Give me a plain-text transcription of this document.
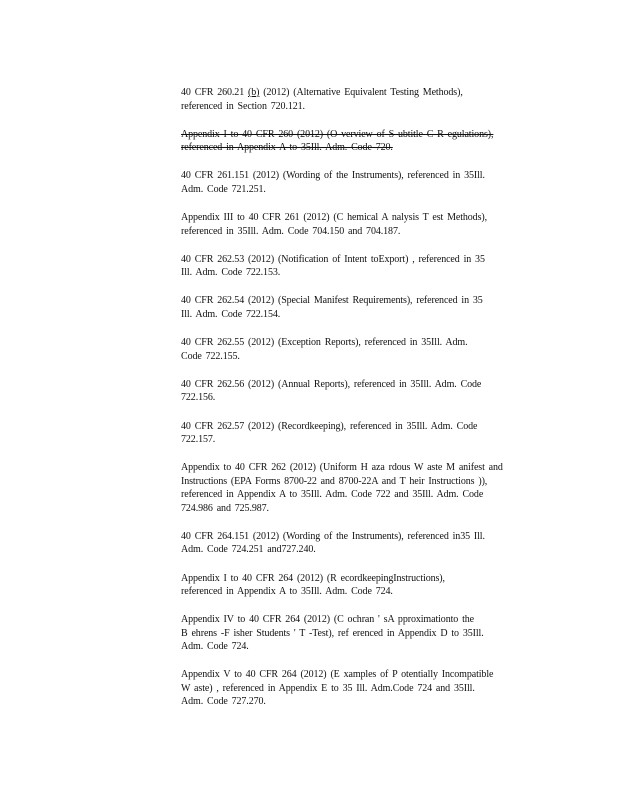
40 CFR 260.21 (b) (2012) (Alternative Equivalent Testing Methods),
referenced in Section 720.121.
Appendix I to 40 CFR 260 (2012) (O verview of S ubtitle C R egulations),
referenced in Appendix A to 35Ill. Adm. Code 720.
40 CFR 261.151 (2012) (Wording of the Instruments), referenced in 35Ill.
Adm. Code 721.251.
Appendix III to 40 CFR 261 (2012) (C hemical A nalysis T est Methods),
referenced in 35Ill. Adm. Code 704.150 and 704.187.
40 CFR 262.53 (2012) (Notification of Intent toExport) , referenced in 35
Ill. Adm. Code 722.153.
40 CFR 262.54 (2012) (Special Manifest Requirements), referenced in 35
Ill. Adm. Code 722.154.
40 CFR 262.55 (2012) (Exception Reports), referenced in 35Ill. Adm.
Code 722.155.
40 CFR 262.56 (2012) (Annual Reports), referenced in 35Ill. Adm. Code
722.156.
40 CFR 262.57 (2012) (Recordkeeping), referenced in 35Ill. Adm. Code
722.157.
Appendix to 40 CFR 262 (2012) (Uniform H aza rdous W aste M anifest and
Instructions (EPA Forms 8700-22 and 8700-22A and T heir Instructions )),
referenced in Appendix A to 35Ill. Adm. Code 722 and 35Ill. Adm. Code
724.986 and 725.987.
40 CFR 264.151 (2012) (Wording of the Instruments), referenced in35 Ill.
Adm. Code 724.251 and727.240.
Appendix I to 40 CFR 264 (2012) (R ecordkeepingInstructions),
referenced in Appendix A to 35Ill. Adm. Code 724.
Appendix IV to 40 CFR 264 (2012) (C ochran ' sA pproximationto the
B ehrens -F isher Students ' T -Test), ref erenced in Appendix D to 35Ill.
Adm. Code 724.
Appendix V to 40 CFR 264 (2012) (E xamples of P otentially Incompatible
W aste) , referenced in Appendix E to 35 Ill. Adm.Code 724 and 35Ill.
Adm. Code 727.270.
